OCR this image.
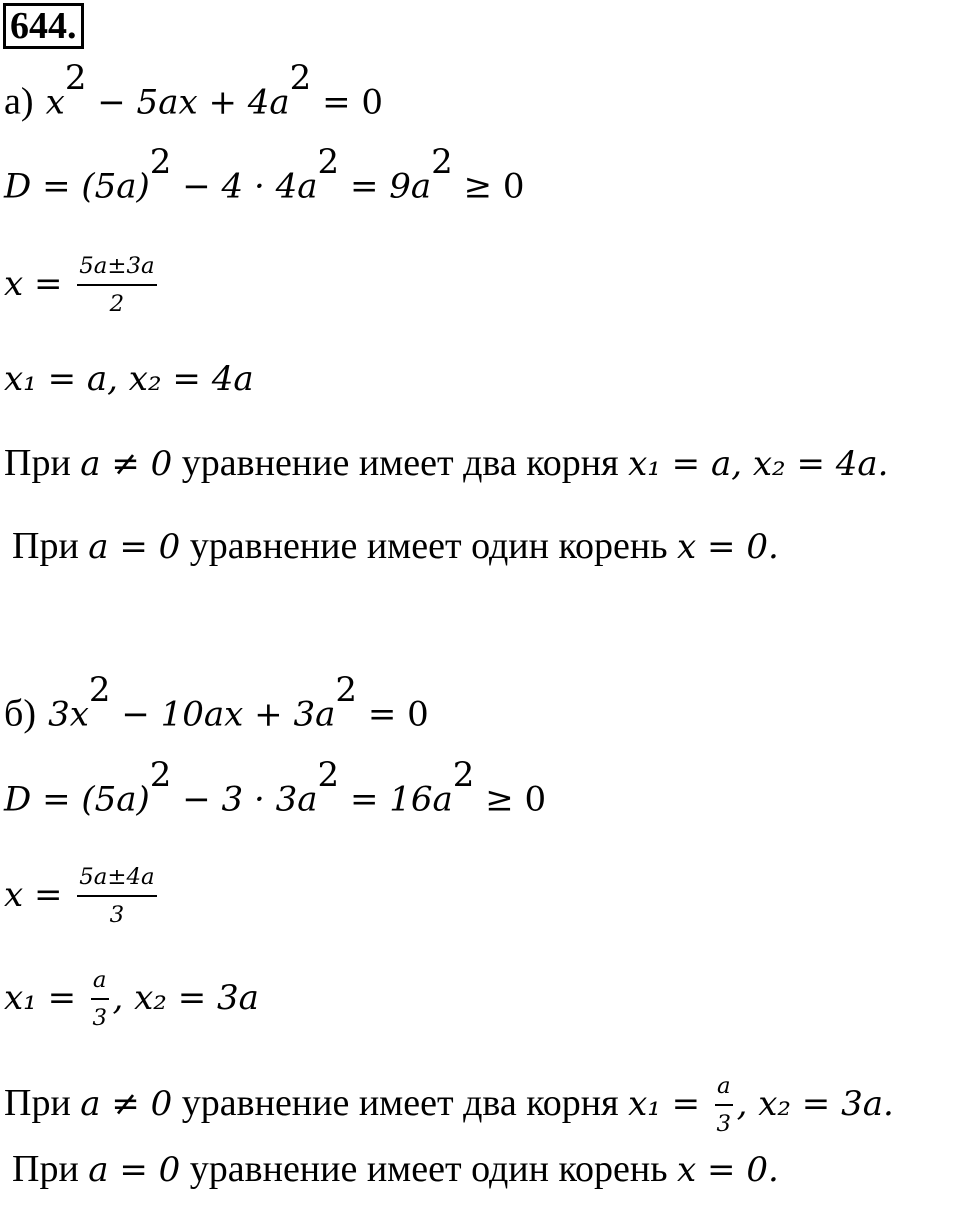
644.
а) $x^2 - 5ax + 4a^2 = 0$
$D = (5a)^2 - 4 \cdot 4a^2 = 9a^2 \ge 0$
$x = \frac{5a\pm 3a}{2}$
x₁ = a, x₂ = 4a
При a ≠ 0 уравнение имеет два корня x₁ = a, x₂ = 4a.
При a = 0 уравнение имеет один корень x = 0.
б) $3x^2 - 10ax + 3a^2 = 0$
$D = (5a)^2 - 3 \cdot 3a^2 = 16a^2 \ge 0$
$x = \frac{5a\pm 4a}{3}$
$x_1 = \frac{a}{3}$ , x₂ = 3a
При a ≠ 0 уравнение имеет два корня $x_1 = \frac{a}{3}$ , x₂ = 3a.
При a = 0 уравнение имеет один корень x = 0.
